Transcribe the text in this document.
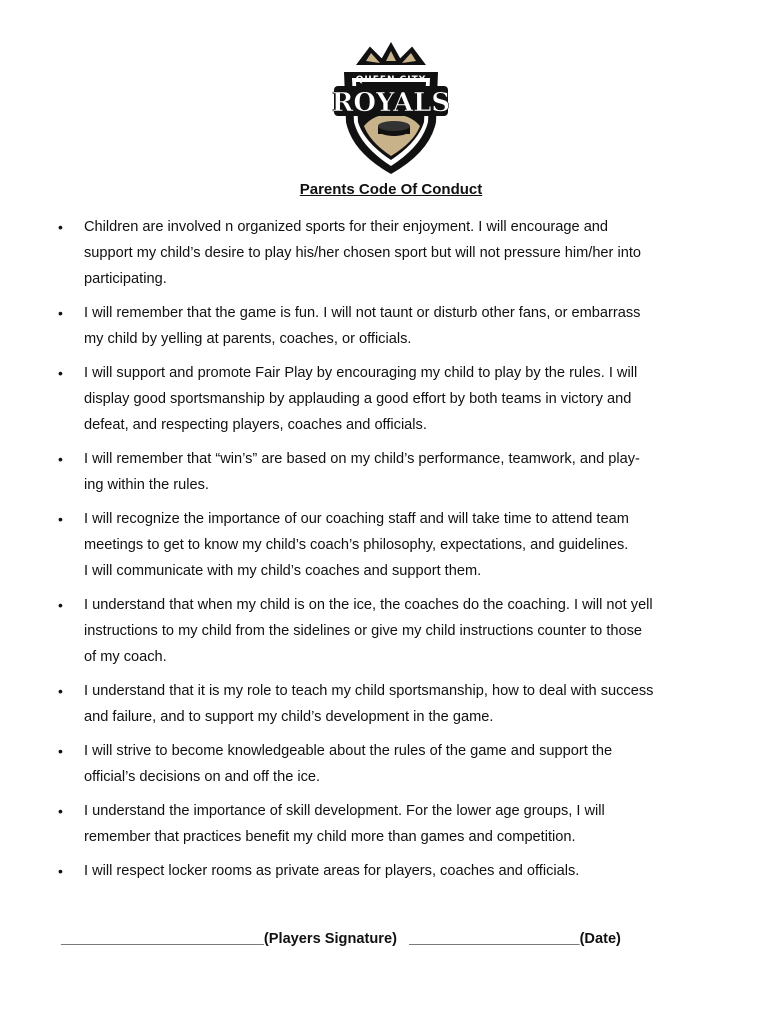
QUEEN CITY
ROYALS
Parents Code Of Conduct
• Children are involved n organized sports for their enjoyment. I will encourage and
support my child’s desire to play his/her chosen sport but will not pressure him/her into
participating.
• I will remember that the game is fun. I will not taunt or disturb other fans, or embarrass
my child by yelling at parents, coaches, or officials.
• I will support and promote Fair Play by encouraging my child to play by the rules. I will
display good sportsmanship by applauding a good effort by both teams in victory and
defeat, and respecting players, coaches and officials.
• I will remember that “win’s” are based on my child’s performance, teamwork, and play-
ing within the rules.
• I will recognize the importance of our coaching staff and will take time to attend team
meetings to get to know my child’s coach’s philosophy, expectations, and guidelines.
I will communicate with my child’s coaches and support them.
• I understand that when my child is on the ice, the coaches do the coaching. I will not yell
instructions to my child from the sidelines or give my child instructions counter to those
of my coach.
• I understand that it is my role to teach my child sportsmanship, how to deal with success
and failure, and to support my child’s development in the game.
• I will strive to become knowledgeable about the rules of the game and support the
official’s decisions on and off the ice.
• I understand the importance of skill development. For the lower age groups, I will
remember that practices benefit my child more than games and competition.
• I will respect locker rooms as private areas for players, coaches and officials.
_________________________(Players Signature) _____________________(Date)
